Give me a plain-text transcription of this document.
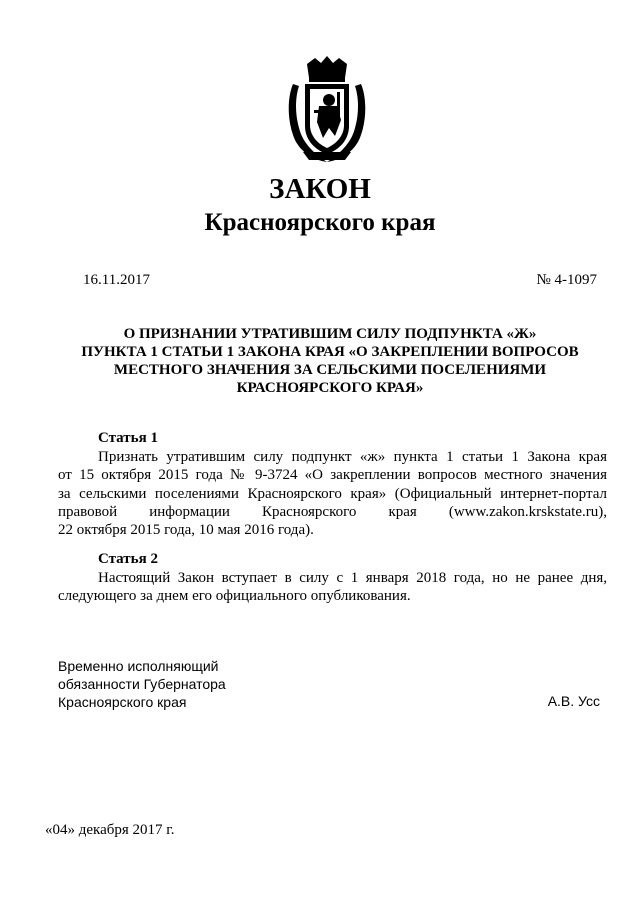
ЗАКОН
Красноярского края
16.11.2017	№ 4-1097
О ПРИЗНАНИИ УТРАТИВШИМ СИЛУ ПОДПУНКТА «Ж»
ПУНКТА 1 СТАТЬИ 1 ЗАКОНА КРАЯ «О ЗАКРЕПЛЕНИИ ВОПРОСОВ
МЕСТНОГО ЗНАЧЕНИЯ ЗА СЕЛЬСКИМИ ПОСЕЛЕНИЯМИ
КРАСНОЯРСКОГО КРАЯ»
Статья 1
Признать утратившим силу подпункт «ж» пункта 1 статьи 1 Закона края
от 15 октября 2015 года № 9-3724 «О закреплении вопросов местного значения
за сельскими поселениями Красноярского края» (Официальный интернет-портал
правовой информации Красноярского края (www.zakon.krskstate.ru),
22 октября 2015 года, 10 мая 2016 года).
Статья 2
Настоящий Закон вступает в силу с 1 января 2018 года, но не ранее дня,
следующего за днем его официального опубликования.
Временно исполняющий
обязанности Губернатора
Красноярского края	А.В. Усс
«04» декабря 2017 г.
